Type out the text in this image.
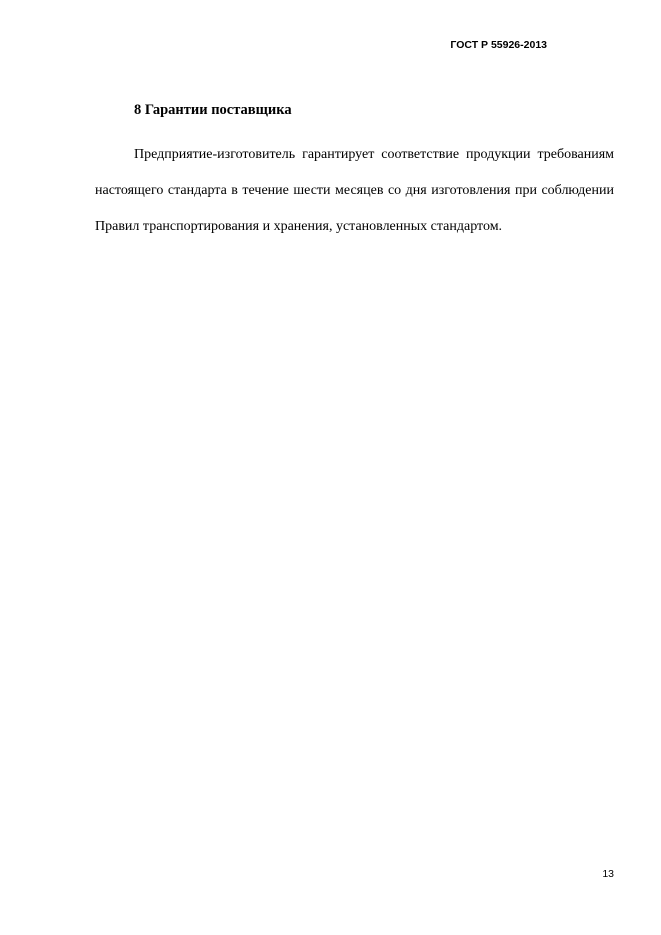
ГОСТ Р 55926-2013
8 Гарантии поставщика

Предприятие-изготовитель гарантирует соответствие продукции требованиям настоящего стандарта в течение шести месяцев со дня изготовления при соблюдении Правил транспортирования и хранения, установленных стандартом.

13
